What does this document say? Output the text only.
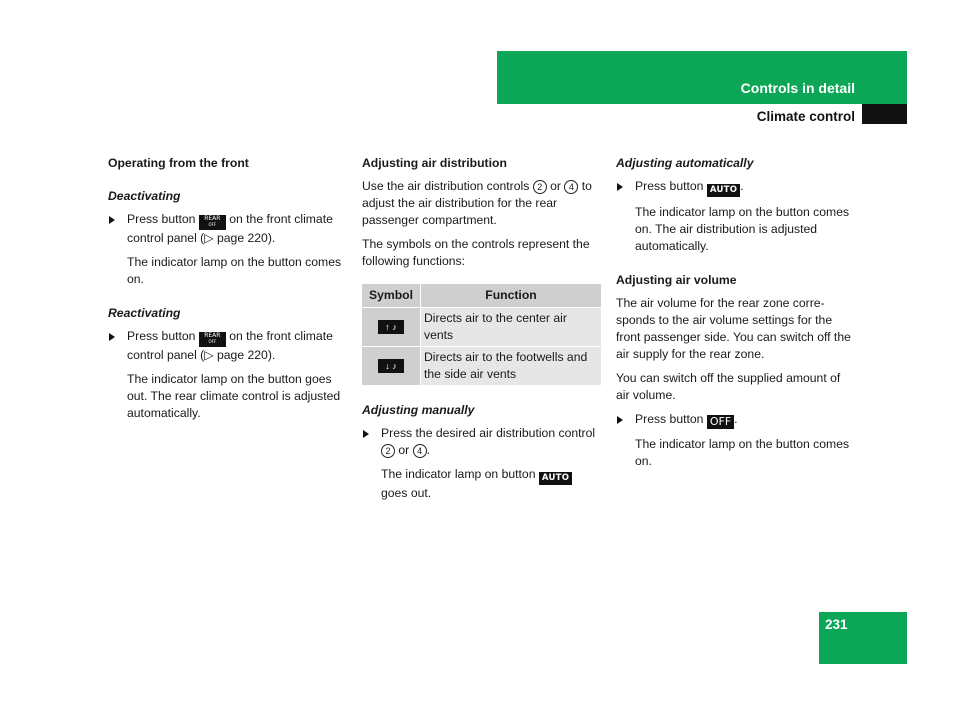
Controls in detail
Climate control
Operating from the front
Deactivating
Press button REAR
OFF	on the front climate control panel (▷ page 220).
The indicator lamp on the button comes on.
Reactivating
Press button REAR
OFF	on the front climate control panel (▷ page 220).
The indicator lamp on the button goes out. The rear climate control is adjusted automatically.
Adjusting air distribution
Use the air distribution controls 2 or 4 to adjust the air distribution for the rear passenger compartment.
The symbols on the controls represent the following functions:
Symbol	Function
↑ ♪	Directs air to the center air vents
↓ ♪	Directs air to the footwells and the side air vents
Adjusting manually
Press the desired air distribution control 2 or 4 .
The indicator lamp on button AUTO goes out.
Adjusting automatically
Press button AUTO .
The indicator lamp on the button comes on. The air distribution is adjusted automatically.
Adjusting air volume
The air volume for the rear zone corre-sponds to the air volume settings for the front passenger side. You can switch off the air supply for the rear zone.
You can switch off the supplied amount of air volume.
Press button OFF .
The indicator lamp on the button comes on.
231
